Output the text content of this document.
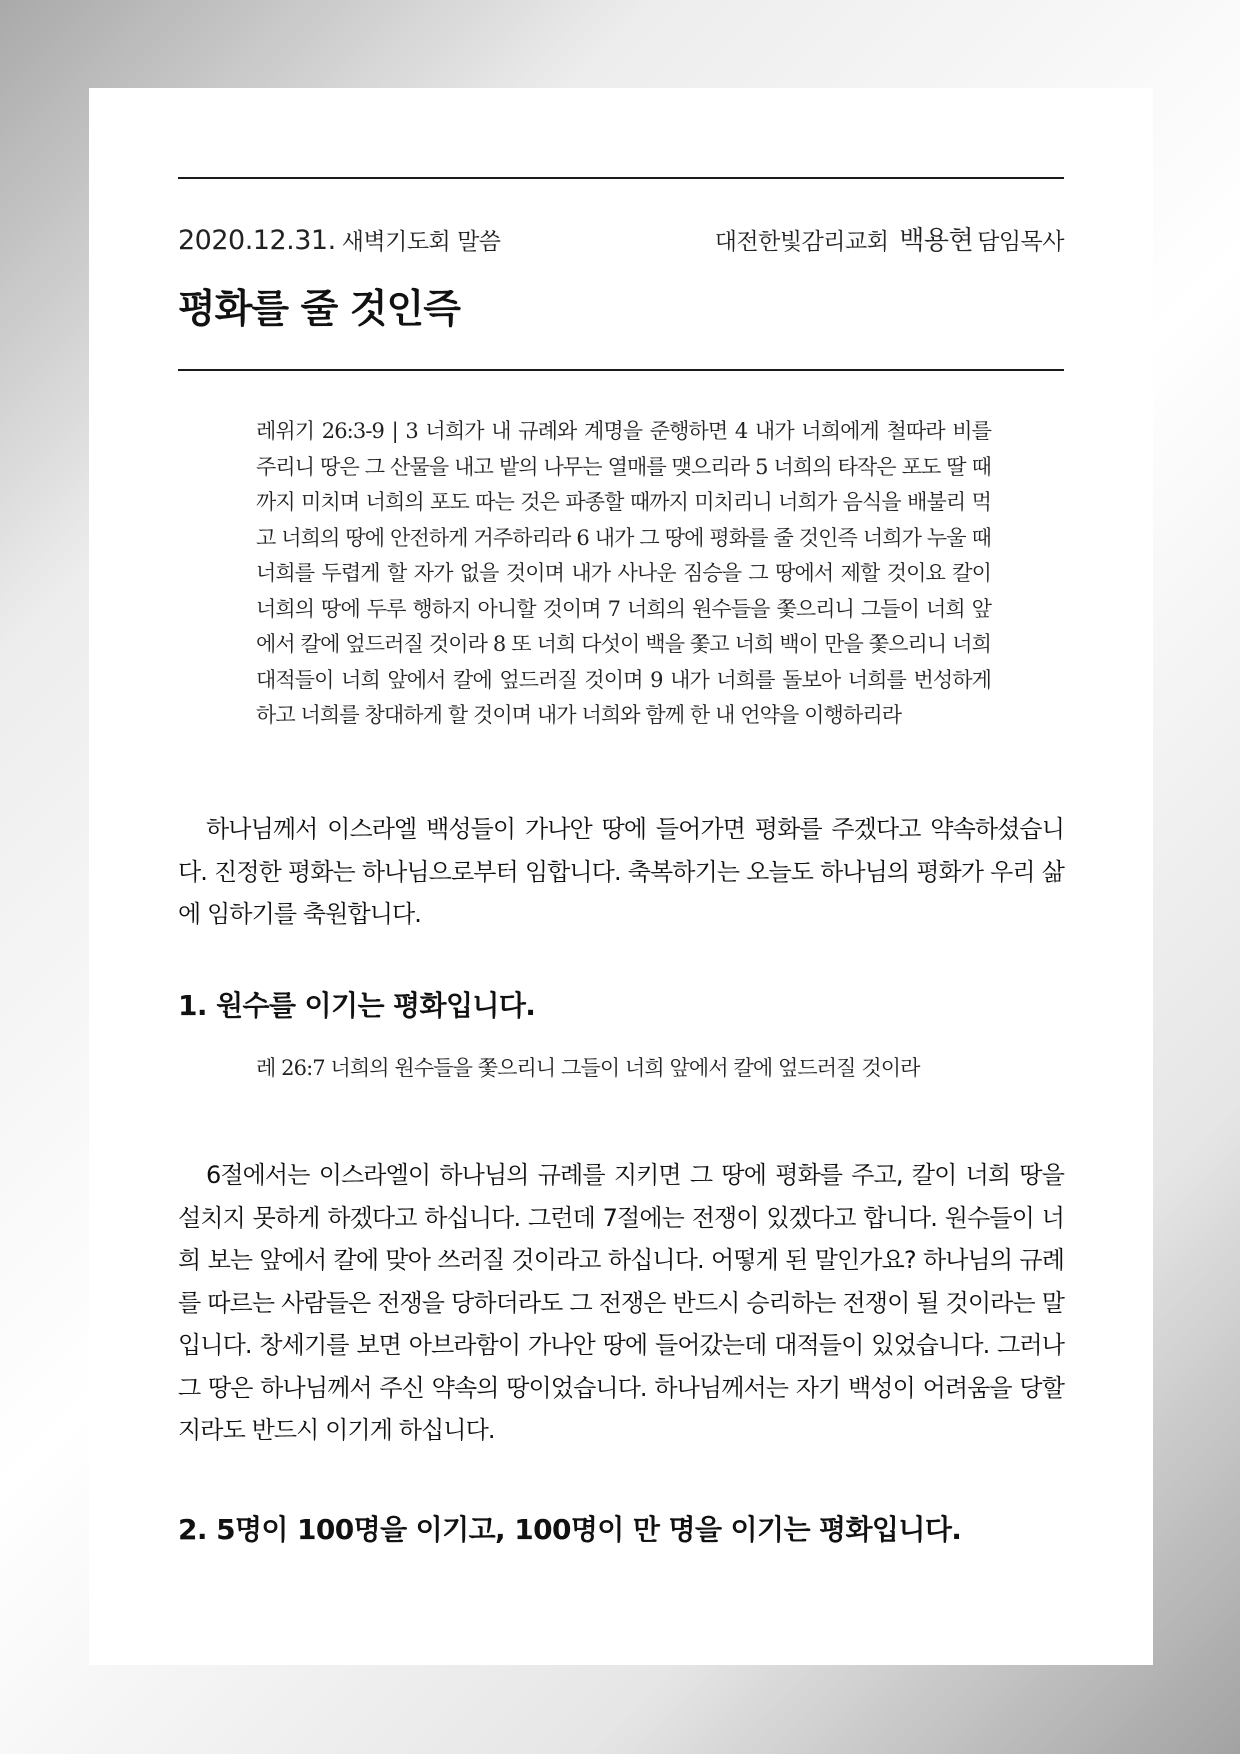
2020.12.31. 새벽기도회 말씀	대전한빛감리교회 백용현 담임목사
평화를 줄 것인즉

레위기 26:3-9 | 3 너희가 내 규례와 계명을 준행하면 4 내가 너희에게 철따라 비를 주리니 땅은 그 산물을 내고 밭의 나무는 열매를 맺으리라 5 너희의 타작은 포도 딸 때까지 미치며 너희의 포도 따는 것은 파종할 때까지 미치리니 너희가 음식을 배불리 먹고 너희의 땅에 안전하게 거주하리라 6 내가 그 땅에 평화를 줄 것인즉 너희가 누울 때 너희를 두렵게 할 자가 없을 것이며 내가 사나운 짐승을 그 땅에서 제할 것이요 칼이 너희의 땅에 두루 행하지 아니할 것이며 7 너희의 원수들을 쫓으리니 그들이 너희 앞에서 칼에 엎드러질 것이라 8 또 너희 다섯이 백을 쫓고 너희 백이 만을 쫓으리니 너희 대적들이 너희 앞에서 칼에 엎드러질 것이며 9 내가 너희를 돌보아 너희를 번성하게 하고 너희를 창대하게 할 것이며 내가 너희와 함께 한 내 언약을 이행하리라

하나님께서 이스라엘 백성들이 가나안 땅에 들어가면 평화를 주겠다고 약속하셨습니다. 진정한 평화는 하나님으로부터 임합니다. 축복하기는 오늘도 하나님의 평화가 우리 삶에 임하기를 축원합니다.

1. 원수를 이기는 평화입니다.

레 26:7 너희의 원수들을 쫓으리니 그들이 너희 앞에서 칼에 엎드러질 것이라

6절에서는 이스라엘이 하나님의 규례를 지키면 그 땅에 평화를 주고, 칼이 너희 땅을 설치지 못하게 하겠다고 하십니다. 그런데 7절에는 전쟁이 있겠다고 합니다. 원수들이 너희 보는 앞에서 칼에 맞아 쓰러질 것이라고 하십니다. 어떻게 된 말인가요? 하나님의 규례를 따르는 사람들은 전쟁을 당하더라도 그 전쟁은 반드시 승리하는 전쟁이 될 것이라는 말입니다. 창세기를 보면 아브라함이 가나안 땅에 들어갔는데 대적들이 있었습니다. 그러나 그 땅은 하나님께서 주신 약속의 땅이었습니다. 하나님께서는 자기 백성이 어려움을 당할지라도 반드시 이기게 하십니다.

2. 5명이 100명을 이기고, 100명이 만 명을 이기는 평화입니다.
